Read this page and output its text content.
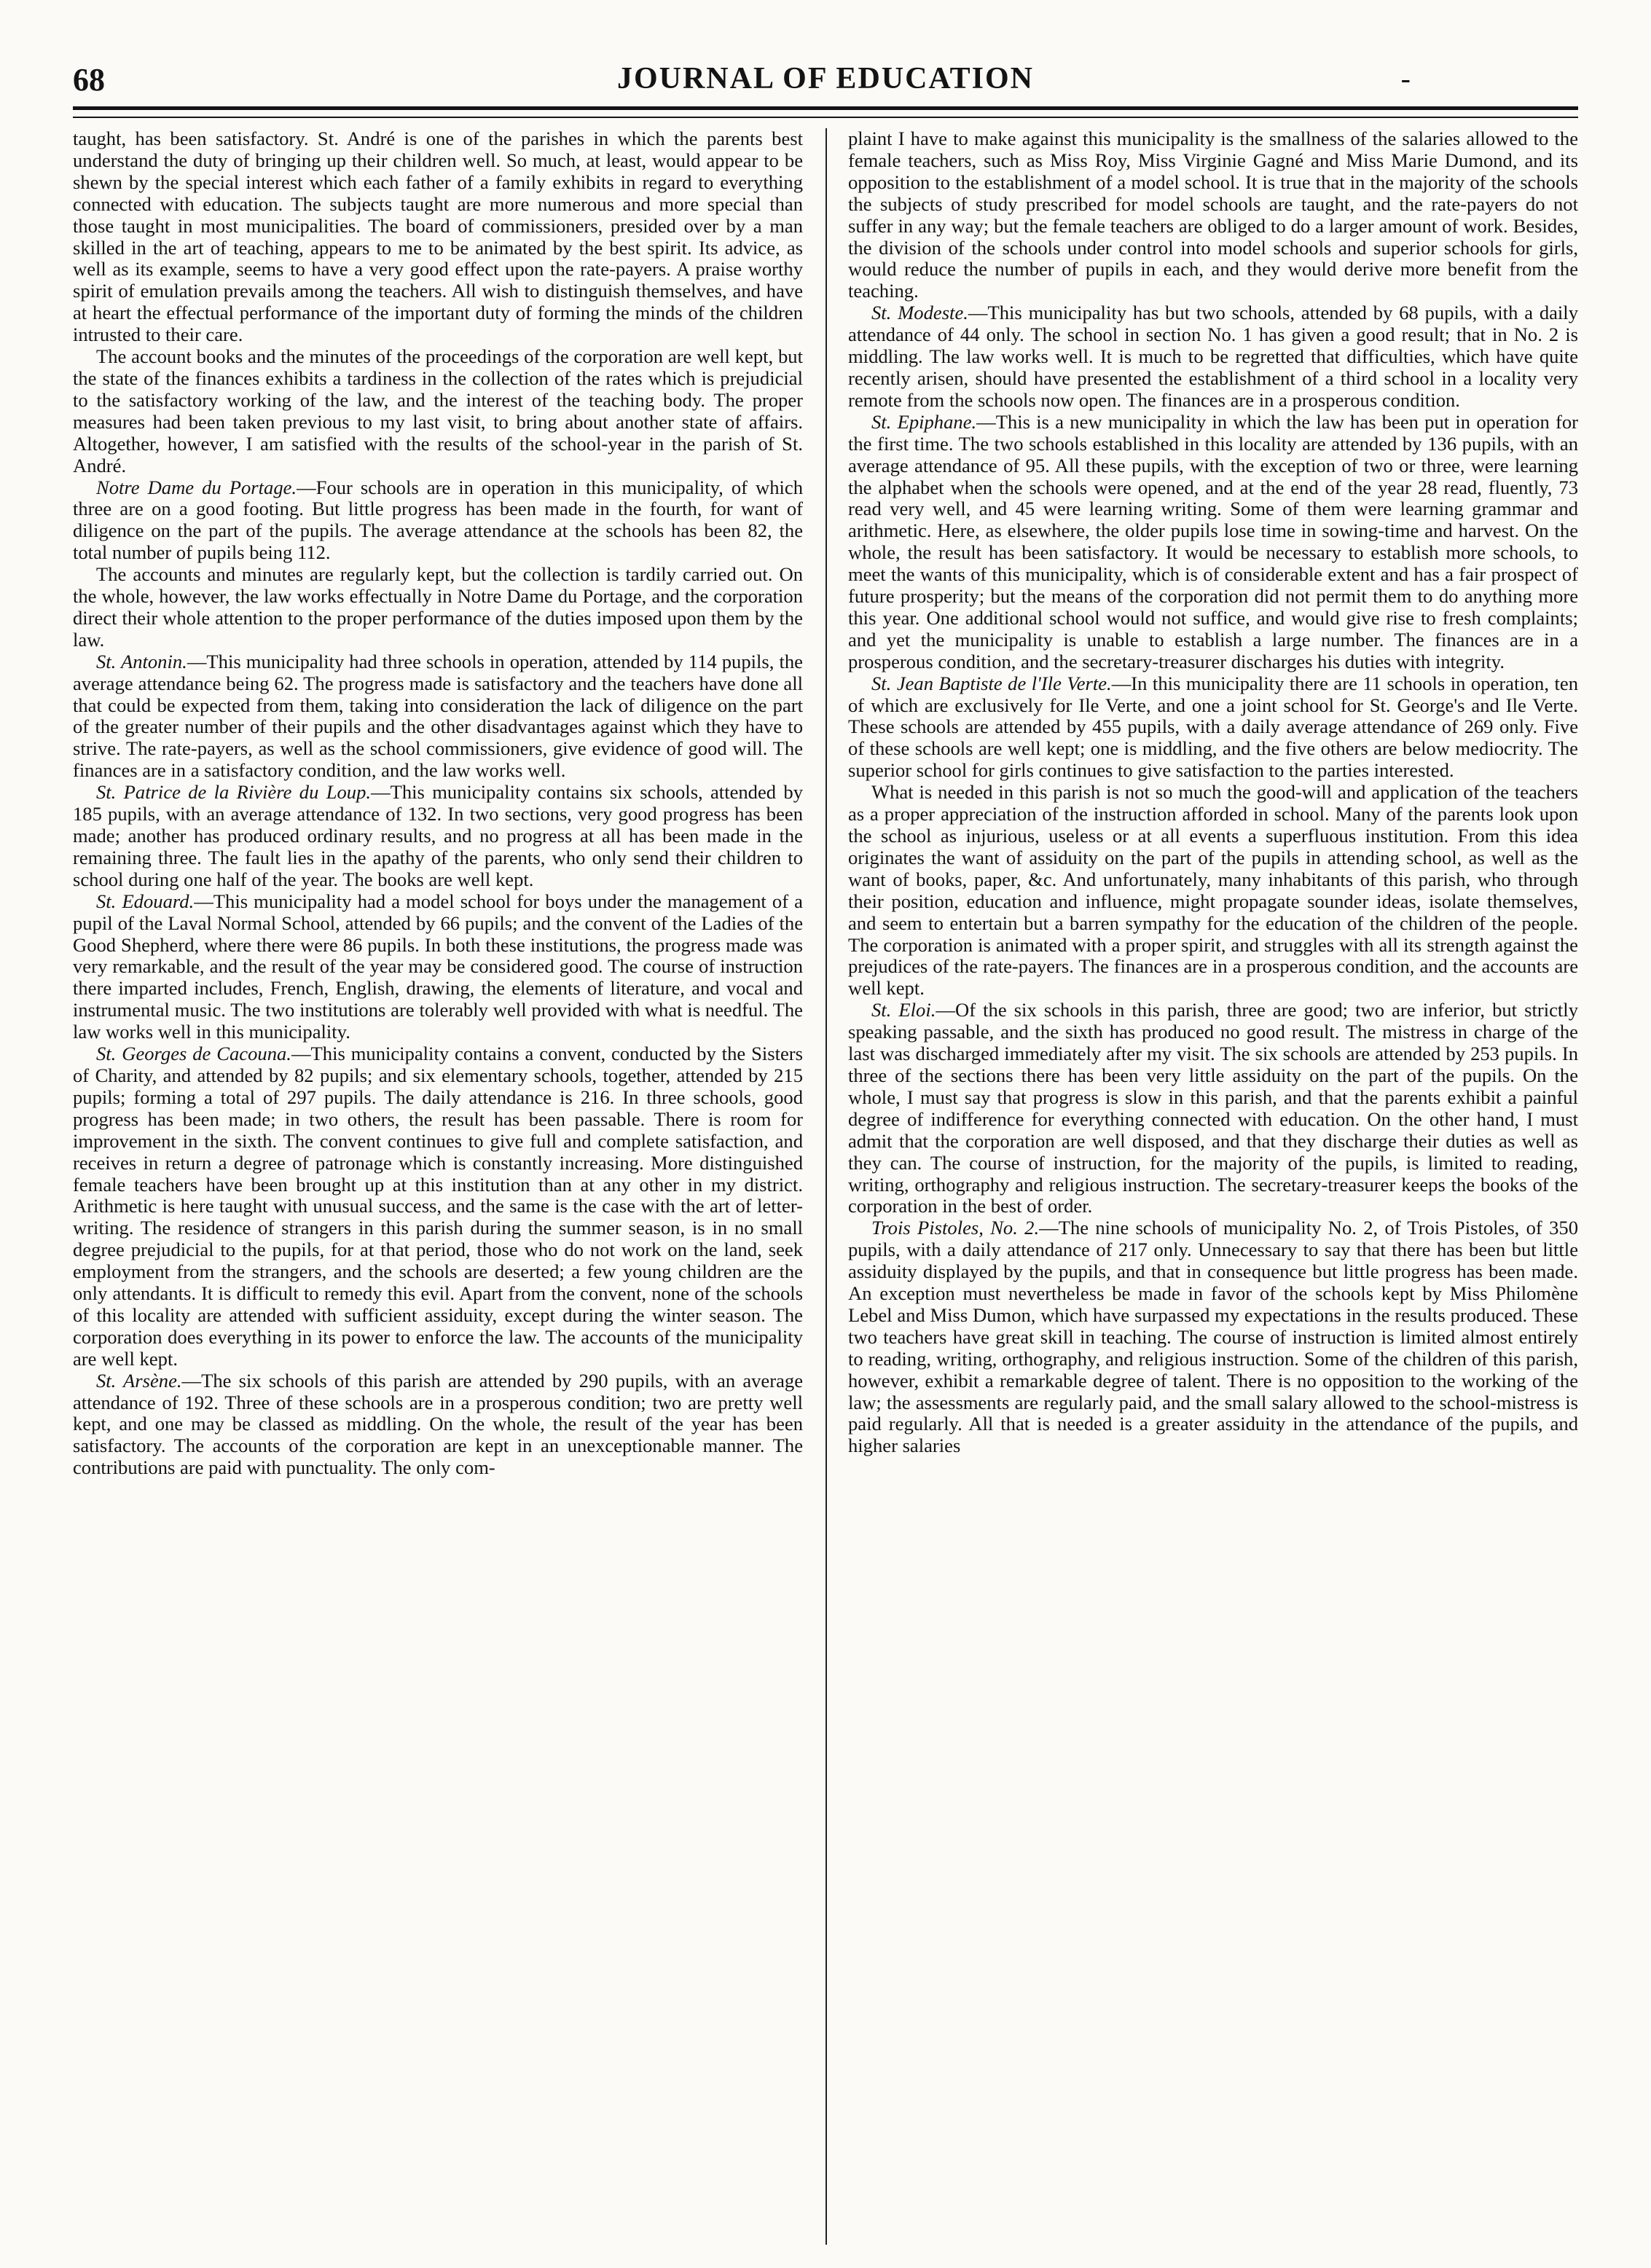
68	JOURNAL OF EDUCATION	-

taught, has been satisfactory. St. André is one of the parishes in which the parents best understand the duty of bringing up their children well. So much, at least, would appear to be shewn by the special interest which each father of a family exhibits in regard to everything connected with education. The subjects taught are more numerous and more special than those taught in most municipalities. The board of commissioners, presided over by a man skilled in the art of teaching, appears to me to be animated by the best spirit. Its advice, as well as its example, seems to have a very good effect upon the rate-payers. A praise worthy spirit of emulation prevails among the teachers. All wish to distinguish themselves, and have at heart the effectual performance of the important duty of forming the minds of the children intrusted to their care.

The account books and the minutes of the proceedings of the corporation are well kept, but the state of the finances exhibits a tardiness in the collection of the rates which is prejudicial to the satisfactory working of the law, and the interest of the teaching body. The proper measures had been taken previous to my last visit, to bring about another state of affairs. Altogether, however, I am satisfied with the results of the school-year in the parish of St. André.

Notre Dame du Portage.—Four schools are in operation in this municipality, of which three are on a good footing. But little progress has been made in the fourth, for want of diligence on the part of the pupils. The average attendance at the schools has been 82, the total number of pupils being 112.

The accounts and minutes are regularly kept, but the collection is tardily carried out. On the whole, however, the law works effectually in Notre Dame du Portage, and the corporation direct their whole attention to the proper performance of the duties imposed upon them by the law.

St. Antonin.—This municipality had three schools in operation, attended by 114 pupils, the average attendance being 62. The progress made is satisfactory and the teachers have done all that could be expected from them, taking into consideration the lack of diligence on the part of the greater number of their pupils and the other disadvantages against which they have to strive. The rate-payers, as well as the school commissioners, give evidence of good will. The finances are in a satisfactory condition, and the law works well.

St. Patrice de la Rivière du Loup.—This municipality contains six schools, attended by 185 pupils, with an average attendance of 132. In two sections, very good progress has been made; another has produced ordinary results, and no progress at all has been made in the remaining three. The fault lies in the apathy of the parents, who only send their children to school during one half of the year. The books are well kept.

St. Edouard.—This municipality had a model school for boys under the management of a pupil of the Laval Normal School, attended by 66 pupils; and the convent of the Ladies of the Good Shepherd, where there were 86 pupils. In both these institutions, the progress made was very remarkable, and the result of the year may be considered good. The course of instruction there imparted includes, French, English, drawing, the elements of literature, and vocal and instrumental music. The two institutions are tolerably well provided with what is needful. The law works well in this municipality.

St. Georges de Cacouna.—This municipality contains a convent, conducted by the Sisters of Charity, and attended by 82 pupils; and six elementary schools, together, attended by 215 pupils; forming a total of 297 pupils. The daily attendance is 216. In three schools, good progress has been made; in two others, the result has been passable. There is room for improvement in the sixth. The convent continues to give full and complete satisfaction, and receives in return a degree of patronage which is constantly increasing. More distinguished female teachers have been brought up at this institution than at any other in my district. Arithmetic is here taught with unusual success, and the same is the case with the art of letter-writing. The residence of strangers in this parish during the summer season, is in no small degree prejudicial to the pupils, for at that period, those who do not work on the land, seek employment from the strangers, and the schools are deserted; a few young children are the only attendants. It is difficult to remedy this evil. Apart from the convent, none of the schools of this locality are attended with sufficient assiduity, except during the winter season. The corporation does everything in its power to enforce the law. The accounts of the municipality are well kept.

St. Arsène.—The six schools of this parish are attended by 290 pupils, with an average attendance of 192. Three of these schools are in a prosperous condition; two are pretty well kept, and one may be classed as middling. On the whole, the result of the year has been satisfactory. The accounts of the corporation are kept in an unexceptionable manner. The contributions are paid with punctuality. The only com-

plaint I have to make against this municipality is the smallness of the salaries allowed to the female teachers, such as Miss Roy, Miss Virginie Gagné and Miss Marie Dumond, and its opposition to the establishment of a model school. It is true that in the majority of the schools the subjects of study prescribed for model schools are taught, and the rate-payers do not suffer in any way; but the female teachers are obliged to do a larger amount of work. Besides, the division of the schools under control into model schools and superior schools for girls, would reduce the number of pupils in each, and they would derive more benefit from the teaching.

St. Modeste.—This municipality has but two schools, attended by 68 pupils, with a daily attendance of 44 only. The school in section No. 1 has given a good result; that in No. 2 is middling. The law works well. It is much to be regretted that difficulties, which have quite recently arisen, should have presented the establishment of a third school in a locality very remote from the schools now open. The finances are in a prosperous condition.

St. Epiphane.—This is a new municipality in which the law has been put in operation for the first time. The two schools established in this locality are attended by 136 pupils, with an average attendance of 95. All these pupils, with the exception of two or three, were learning the alphabet when the schools were opened, and at the end of the year 28 read, fluently, 73 read very well, and 45 were learning writing. Some of them were learning grammar and arithmetic. Here, as elsewhere, the older pupils lose time in sowing-time and harvest. On the whole, the result has been satisfactory. It would be necessary to establish more schools, to meet the wants of this municipality, which is of considerable extent and has a fair prospect of future prosperity; but the means of the corporation did not permit them to do anything more this year. One additional school would not suffice, and would give rise to fresh complaints; and yet the municipality is unable to establish a large number. The finances are in a prosperous condition, and the secretary-treasurer discharges his duties with integrity.

St. Jean Baptiste de l'Ile Verte.—In this municipality there are 11 schools in operation, ten of which are exclusively for Ile Verte, and one a joint school for St. George's and Ile Verte. These schools are attended by 455 pupils, with a daily average attendance of 269 only. Five of these schools are well kept; one is middling, and the five others are below mediocrity. The superior school for girls continues to give satisfaction to the parties interested.

What is needed in this parish is not so much the good-will and application of the teachers as a proper appreciation of the instruction afforded in school. Many of the parents look upon the school as injurious, useless or at all events a superfluous institution. From this idea originates the want of assiduity on the part of the pupils in attending school, as well as the want of books, paper, &c. And unfortunately, many inhabitants of this parish, who through their position, education and influence, might propagate sounder ideas, isolate themselves, and seem to entertain but a barren sympathy for the education of the children of the people. The corporation is animated with a proper spirit, and struggles with all its strength against the prejudices of the rate-payers. The finances are in a prosperous condition, and the accounts are well kept.

St. Eloi.—Of the six schools in this parish, three are good; two are inferior, but strictly speaking passable, and the sixth has produced no good result. The mistress in charge of the last was discharged immediately after my visit. The six schools are attended by 253 pupils. In three of the sections there has been very little assiduity on the part of the pupils. On the whole, I must say that progress is slow in this parish, and that the parents exhibit a painful degree of indifference for everything connected with education. On the other hand, I must admit that the corporation are well disposed, and that they discharge their duties as well as they can. The course of instruction, for the majority of the pupils, is limited to reading, writing, orthography and religious instruction. The secretary-treasurer keeps the books of the corporation in the best of order.

Trois Pistoles, No. 2.—The nine schools of municipality No. 2, of Trois Pistoles, of 350 pupils, with a daily attendance of 217 only. Unnecessary to say that there has been but little assiduity displayed by the pupils, and that in consequence but little progress has been made. An exception must nevertheless be made in favor of the schools kept by Miss Philomène Lebel and Miss Dumon, which have surpassed my expectations in the results produced. These two teachers have great skill in teaching. The course of instruction is limited almost entirely to reading, writing, orthography, and religious instruction. Some of the children of this parish, however, exhibit a remarkable degree of talent. There is no opposition to the working of the law; the assessments are regularly paid, and the small salary allowed to the school-mistress is paid regularly. All that is needed is a greater assiduity in the attendance of the pupils, and higher salaries
